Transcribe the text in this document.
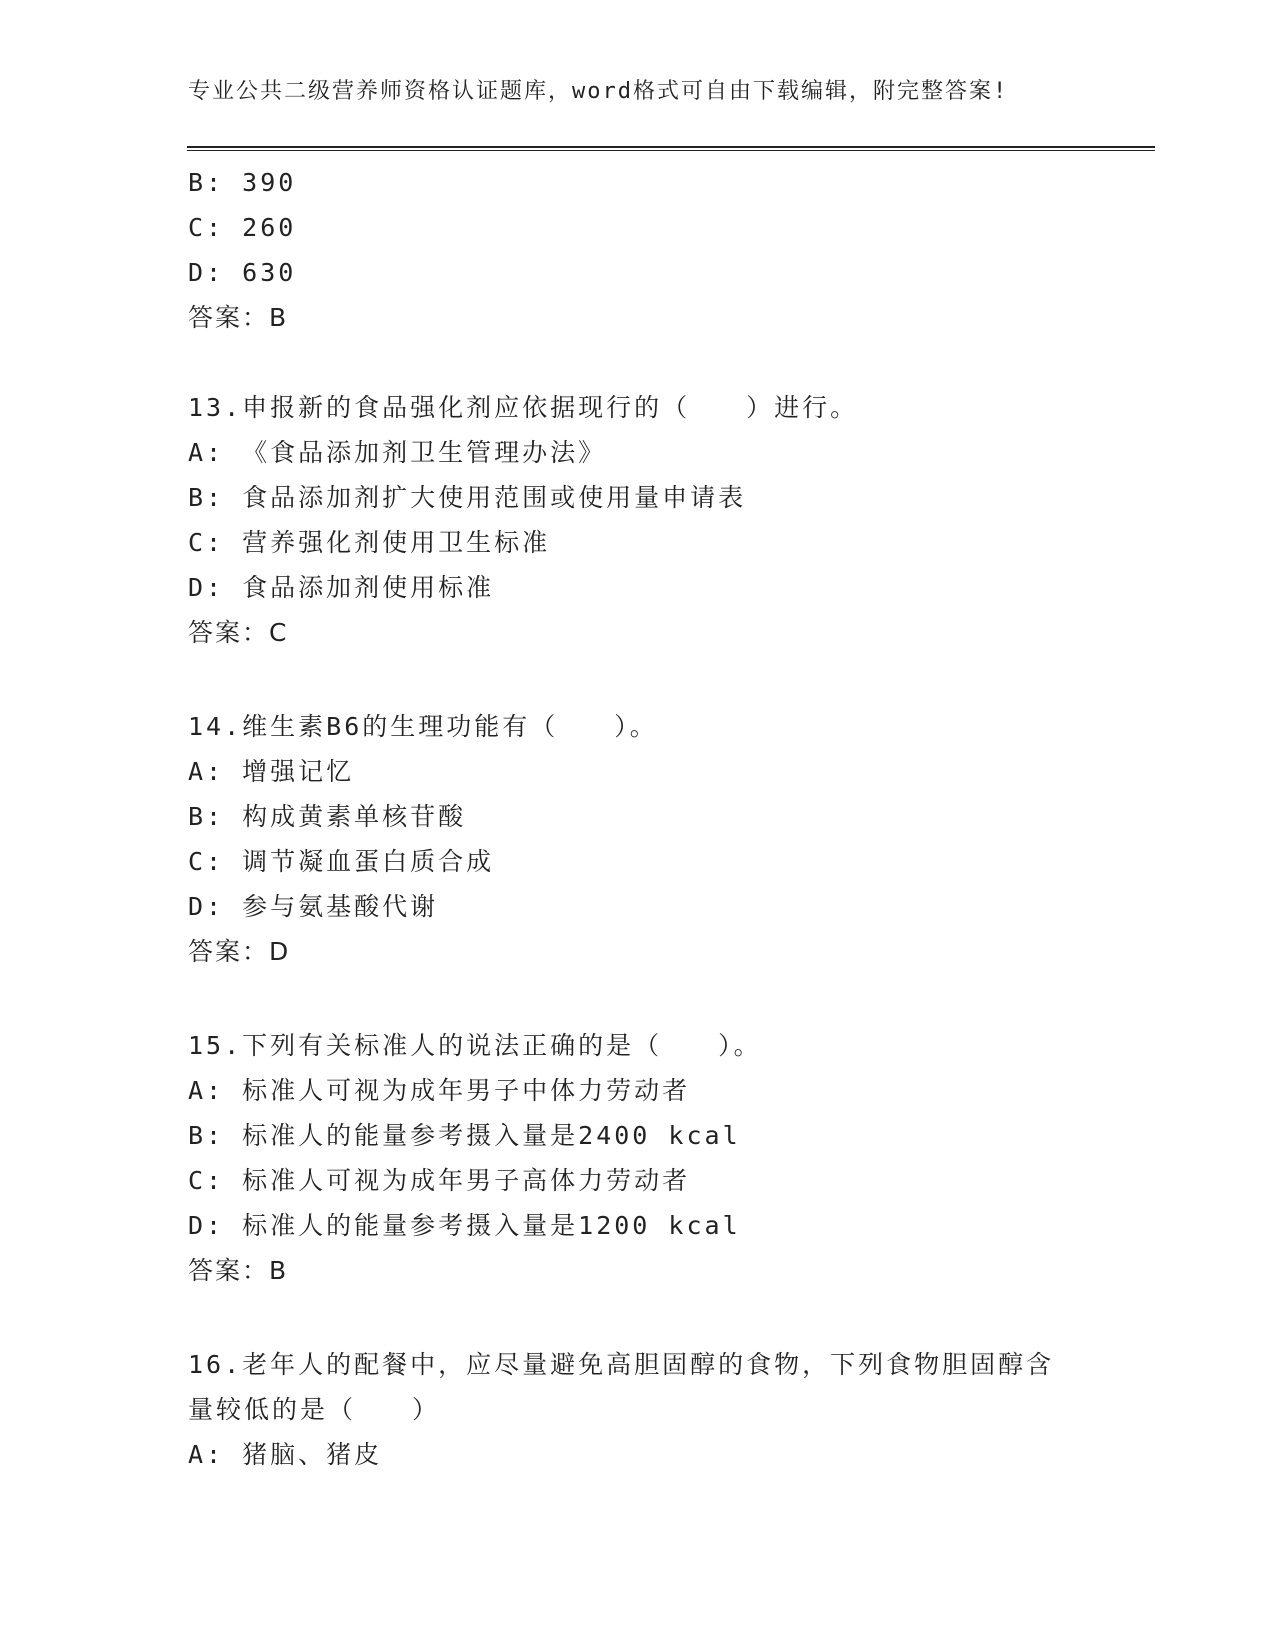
专业公共二级营养师资格认证题库，word格式可自由下载编辑，附完整答案!
B: 390
C: 260
D: 630
答案：B
13.申报新的食品强化剂应依据现行的（　　）进行。
A: 《食品添加剂卫生管理办法》
B: 食品添加剂扩大使用范围或使用量申请表
C: 营养强化剂使用卫生标准
D: 食品添加剂使用标准
答案：C
14.维生素B6的生理功能有（　　）。
A: 增强记忆
B: 构成黄素单核苷酸
C: 调节凝血蛋白质合成
D: 参与氨基酸代谢
答案：D
15.下列有关标准人的说法正确的是（　　）。
A: 标准人可视为成年男子中体力劳动者
B: 标准人的能量参考摄入量是2400 kcal
C: 标准人可视为成年男子高体力劳动者
D: 标准人的能量参考摄入量是1200 kcal
答案：B
16.老年人的配餐中，应尽量避免高胆固醇的食物，下列食物胆固醇含
量较低的是（　　）
A: 猪脑、猪皮
